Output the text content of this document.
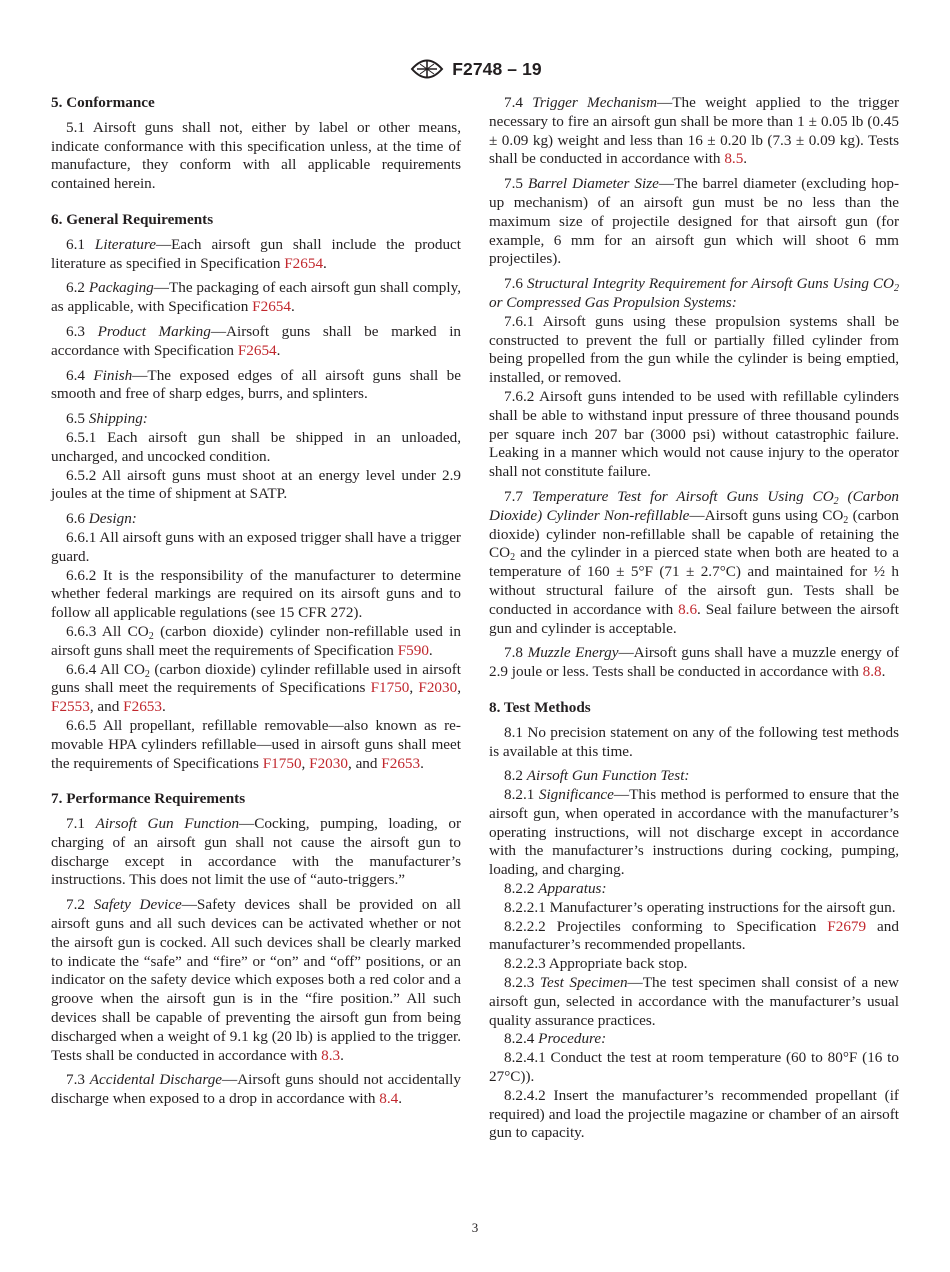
F2748 – 19
5. Conformance

5.1 Airsoft guns shall not, either by label or other means, indicate conformance with this specification unless, at the time of manufacture, they conform with all applicable requirements contained herein.

6. General Requirements

6.1 Literature—Each airsoft gun shall include the product literature as specified in Specification F2654.

6.2 Packaging—The packaging of each airsoft gun shall comply, as applicable, with Specification F2654.

6.3 Product Marking—Airsoft guns shall be marked in accordance with Specification F2654.

6.4 Finish—The exposed edges of all airsoft guns shall be smooth and free of sharp edges, burrs, and splinters.

6.5 Shipping:

6.5.1 Each airsoft gun shall be shipped in an unloaded, uncharged, and uncocked condition.

6.5.2 All airsoft guns must shoot at an energy level under 2.9 joules at the time of shipment at SATP.

6.6 Design:

6.6.1 All airsoft guns with an exposed trigger shall have a trigger guard.

6.6.2 It is the responsibility of the manufacturer to determine whether federal markings are required on its airsoft guns and to follow all applicable regulations (see 15 CFR 272).

6.6.3 All $CO_2$ (carbon dioxide) cylinder non-refillable used in airsoft guns shall meet the requirements of Specification F590.

6.6.4 All $CO_2$ (carbon dioxide) cylinder refillable used in airsoft guns shall meet the requirements of Specifications F1750, F2030, F2553, and F2653.

6.6.5 All propellant, refillable removable—also known as re-movable HPA cylinders refillable—used in airsoft guns shall meet the requirements of Specifications F1750, F2030, and F2653.

7. Performance Requirements

7.1 Airsoft Gun Function—Cocking, pumping, loading, or charging of an airsoft gun shall not cause the airsoft gun to discharge except in accordance with the manufacturer’s instructions. This does not limit the use of “auto-triggers.”

7.2 Safety Device—Safety devices shall be provided on all airsoft guns and all such devices can be activated whether or not the airsoft gun is cocked. All such devices shall be clearly marked to indicate the “safe” and “fire” or “on” and “off” positions, or an indicator on the safety device which exposes both a red color and a groove when the airsoft gun is in the “fire position.” All such devices shall be capable of preventing the airsoft gun from being discharged when a weight of 9.1 kg (20 lb) is applied to the trigger. Tests shall be conducted in accordance with 8.3.

7.3 Accidental Discharge—Airsoft guns should not accidentally discharge when exposed to a drop in accordance with 8.4.

7.4 Trigger Mechanism—The weight applied to the trigger necessary to fire an airsoft gun shall be more than 1 ± 0.05 lb (0.45 ± 0.09 kg) weight and less than 16 ± 0.20 lb (7.3 ± 0.09 kg). Tests shall be conducted in accordance with 8.5.

7.5 Barrel Diameter Size—The barrel diameter (excluding hop-up mechanism) of an airsoft gun must be no less than the maximum size of projectile designed for that airsoft gun (for example, 6 mm for an airsoft gun which will shoot 6 mm projectiles).

7.6 Structural Integrity Requirement for Airsoft Guns Using $CO_2$ or Compressed Gas Propulsion Systems:

7.6.1 Airsoft guns using these propulsion systems shall be constructed to prevent the full or partially filled cylinder from being propelled from the gun while the cylinder is being emptied, installed, or removed.

7.6.2 Airsoft guns intended to be used with refillable cylinders shall be able to withstand input pressure of three thousand pounds per square inch 207 bar (3000 psi) without catastrophic failure. Leaking in a manner which would not cause injury to the operator shall not constitute failure.

7.7 Temperature Test for Airsoft Guns Using $CO_2$ (Carbon Dioxide) Cylinder Non-refillable—Airsoft guns using $CO_2$ (carbon dioxide) cylinder non-refillable shall be capable of retaining the $CO_2$ and the cylinder in a pierced state when both are heated to a temperature of 160 ± 5°F (71 ± 2.7°C) and maintained for ½ h without structural failure of the airsoft gun. Tests shall be conducted in accordance with 8.6. Seal failure between the airsoft gun and cylinder is acceptable.

7.8 Muzzle Energy—Airsoft guns shall have a muzzle energy of 2.9 joule or less. Tests shall be conducted in accordance with 8.8.

8. Test Methods

8.1 No precision statement on any of the following test methods is available at this time.

8.2 Airsoft Gun Function Test:

8.2.1 Significance—This method is performed to ensure that the airsoft gun, when operated in accordance with the manufacturer’s operating instructions, will not discharge except in accordance with the manufacturer’s instructions during cocking, pumping, loading, and charging.

8.2.2 Apparatus:

8.2.2.1 Manufacturer’s operating instructions for the airsoft gun.

8.2.2.2 Projectiles conforming to Specification F2679 and manufacturer’s recommended propellants.

8.2.2.3 Appropriate back stop.

8.2.3 Test Specimen—The test specimen shall consist of a new airsoft gun, selected in accordance with the manufacturer’s usual quality assurance practices.

8.2.4 Procedure:

8.2.4.1 Conduct the test at room temperature (60 to 80°F (16 to 27°C)).

8.2.4.2 Insert the manufacturer’s recommended propellant (if required) and load the projectile magazine or chamber of an airsoft gun to capacity.

3
